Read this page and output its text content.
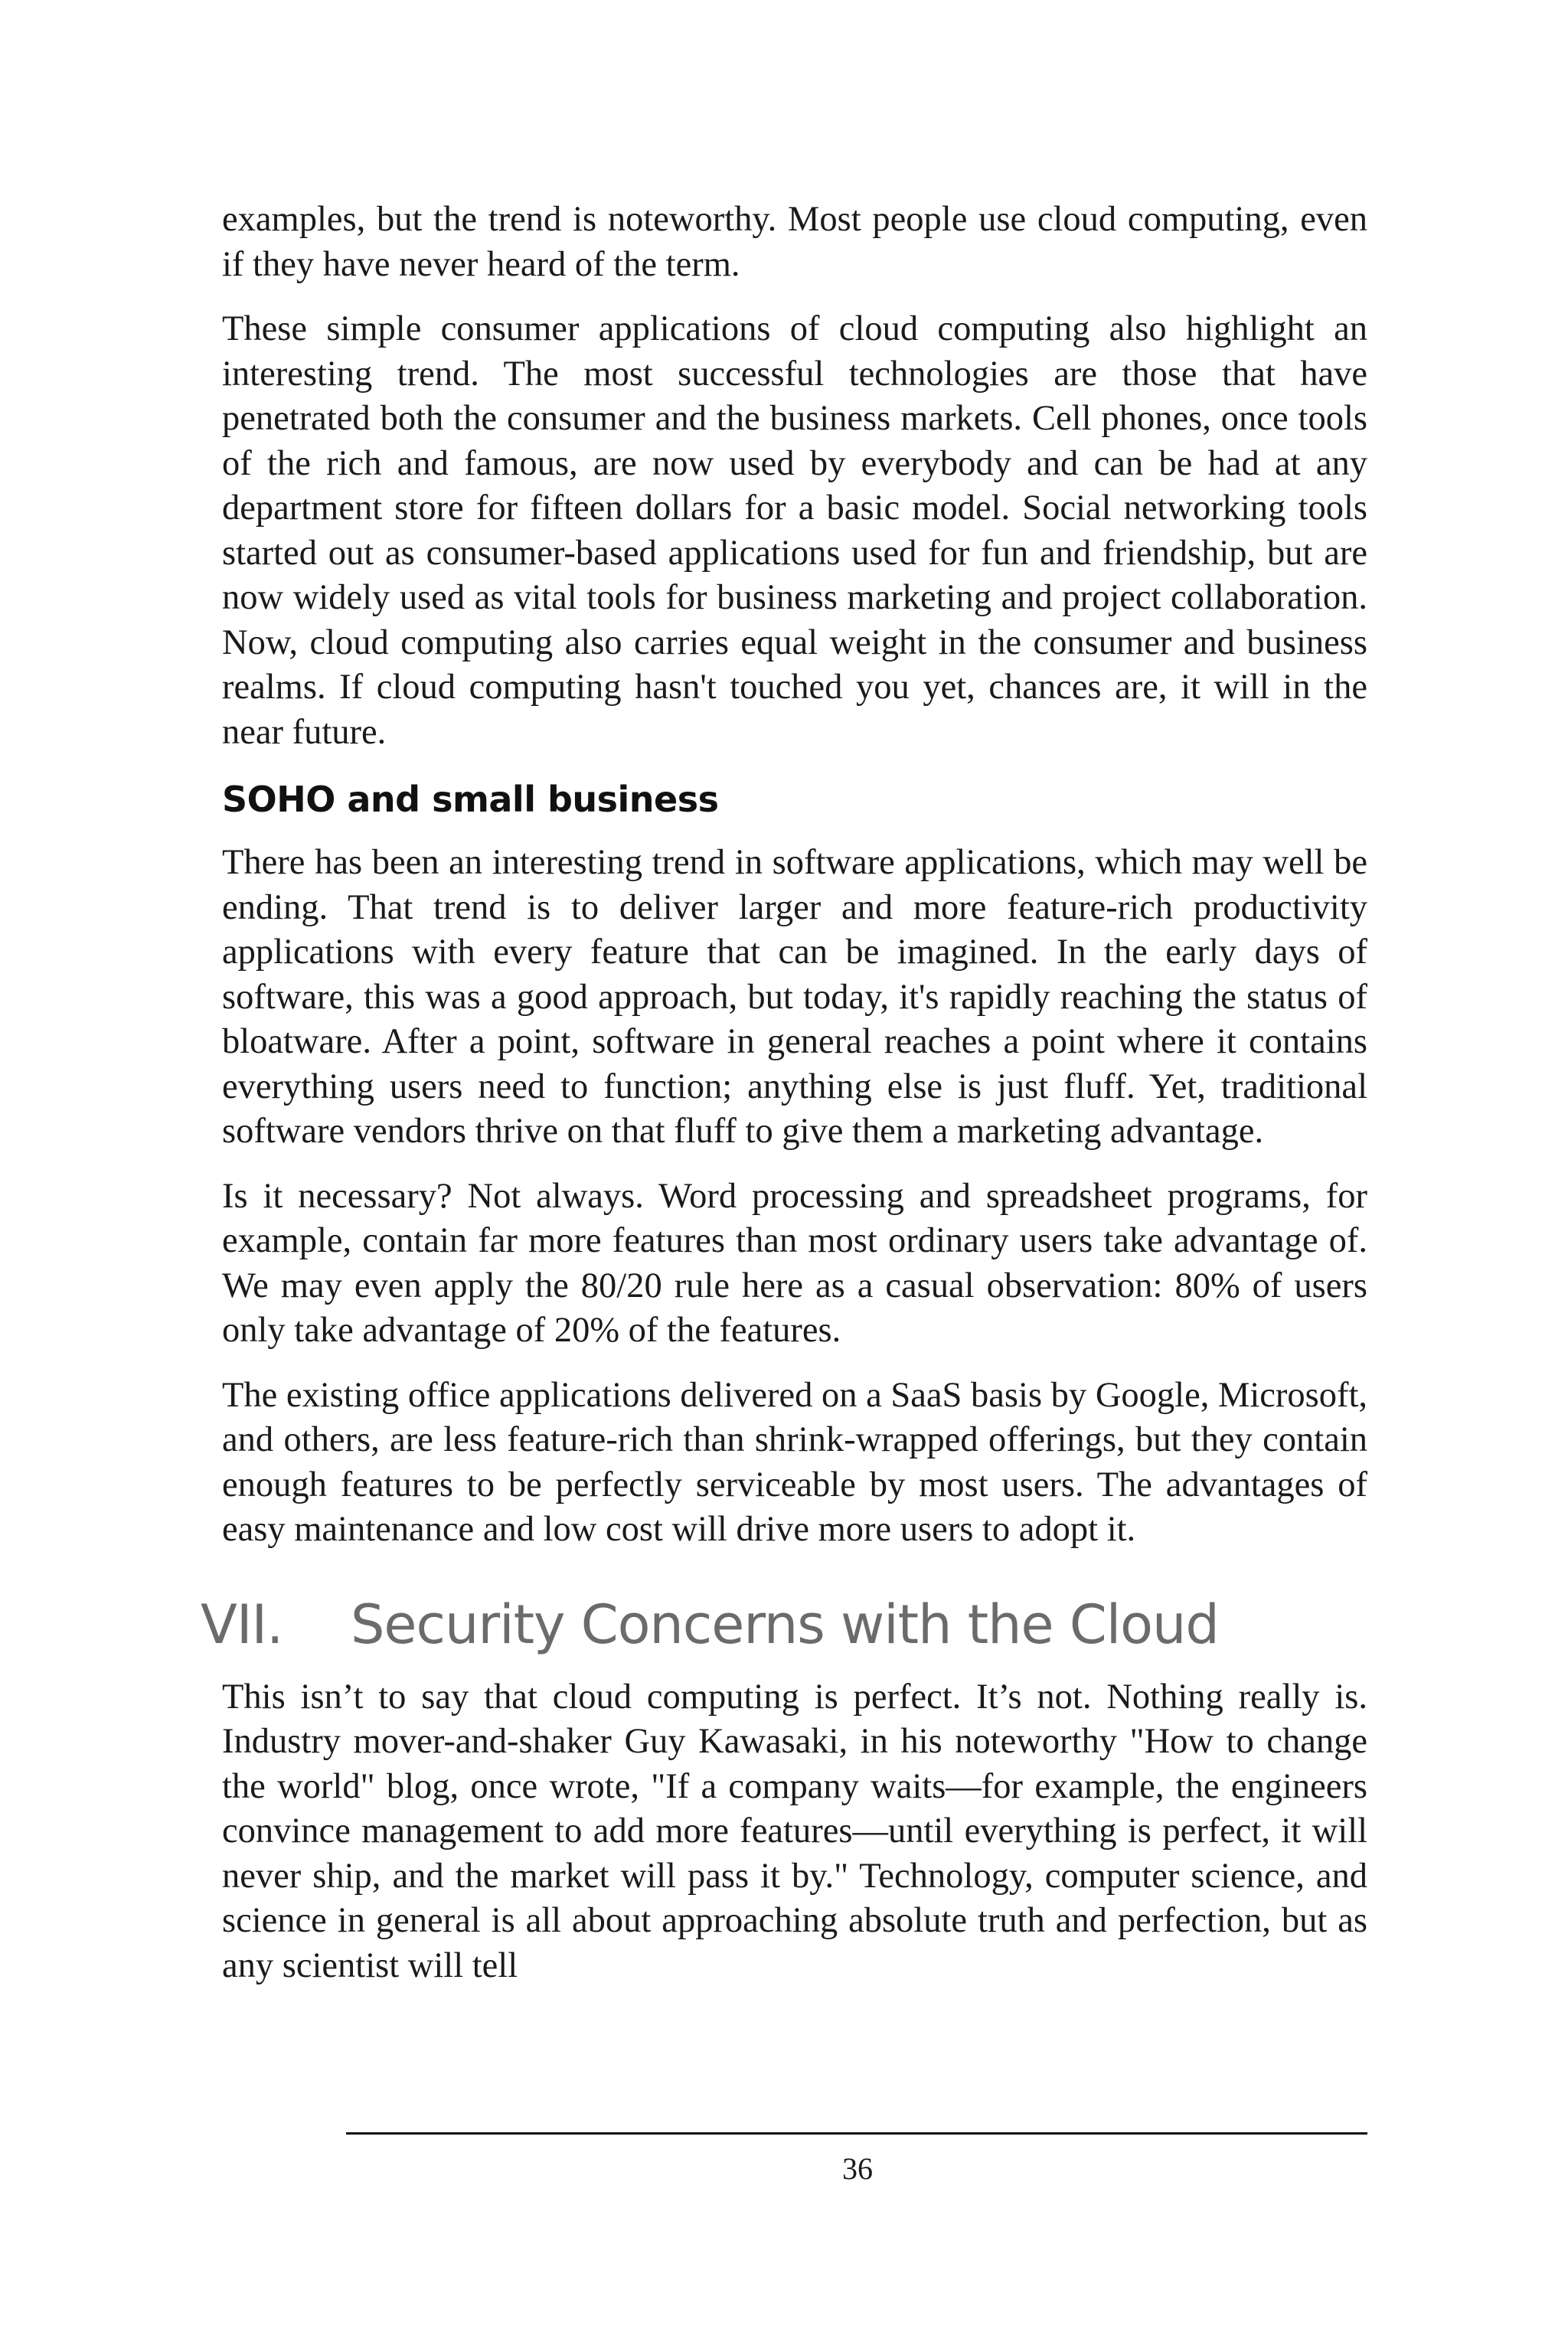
examples, but the trend is noteworthy. Most people use cloud computing, even if they have never heard of the term.

These simple consumer applications of cloud computing also highlight an interesting trend. The most successful technologies are those that have penetrated both the consumer and the business markets. Cell phones, once tools of the rich and famous, are now used by everybody and can be had at any department store for fifteen dollars for a basic model. Social networking tools started out as consumer-based applications used for fun and friendship, but are now widely used as vital tools for business marketing and project collaboration. Now, cloud computing also carries equal weight in the consumer and business realms. If cloud computing hasn't touched you yet, chances are, it will in the near future.

SOHO and small business

There has been an interesting trend in software applications, which may well be ending. That trend is to deliver larger and more feature-rich productivity applications with every feature that can be imagined. In the early days of software, this was a good approach, but today, it's rapidly reaching the status of bloatware. After a point, software in general reaches a point where it contains everything users need to function; anything else is just fluff. Yet, traditional software vendors thrive on that fluff to give them a marketing advantage.

Is it necessary? Not always. Word processing and spreadsheet programs, for example, contain far more features than most ordinary users take advantage of. We may even apply the 80/20 rule here as a casual observation: 80% of users only take advantage of 20% of the features.

The existing office applications delivered on a SaaS basis by Google, Microsoft, and others, are less feature-rich than shrink-wrapped offerings, but they contain enough features to be perfectly serviceable by most users. The advantages of easy maintenance and low cost will drive more users to adopt it.

VII.	Security Concerns with the Cloud

This isn’t to say that cloud computing is perfect. It’s not. Nothing really is. Industry mover-and-shaker Guy Kawasaki, in his noteworthy "How to change the world" blog, once wrote, "If a company waits—for example, the engineers convince management to add more features—until everything is perfect, it will never ship, and the market will pass it by." Technology, computer science, and science in general is all about approaching absolute truth and perfection, but as any scientist will tell

36
